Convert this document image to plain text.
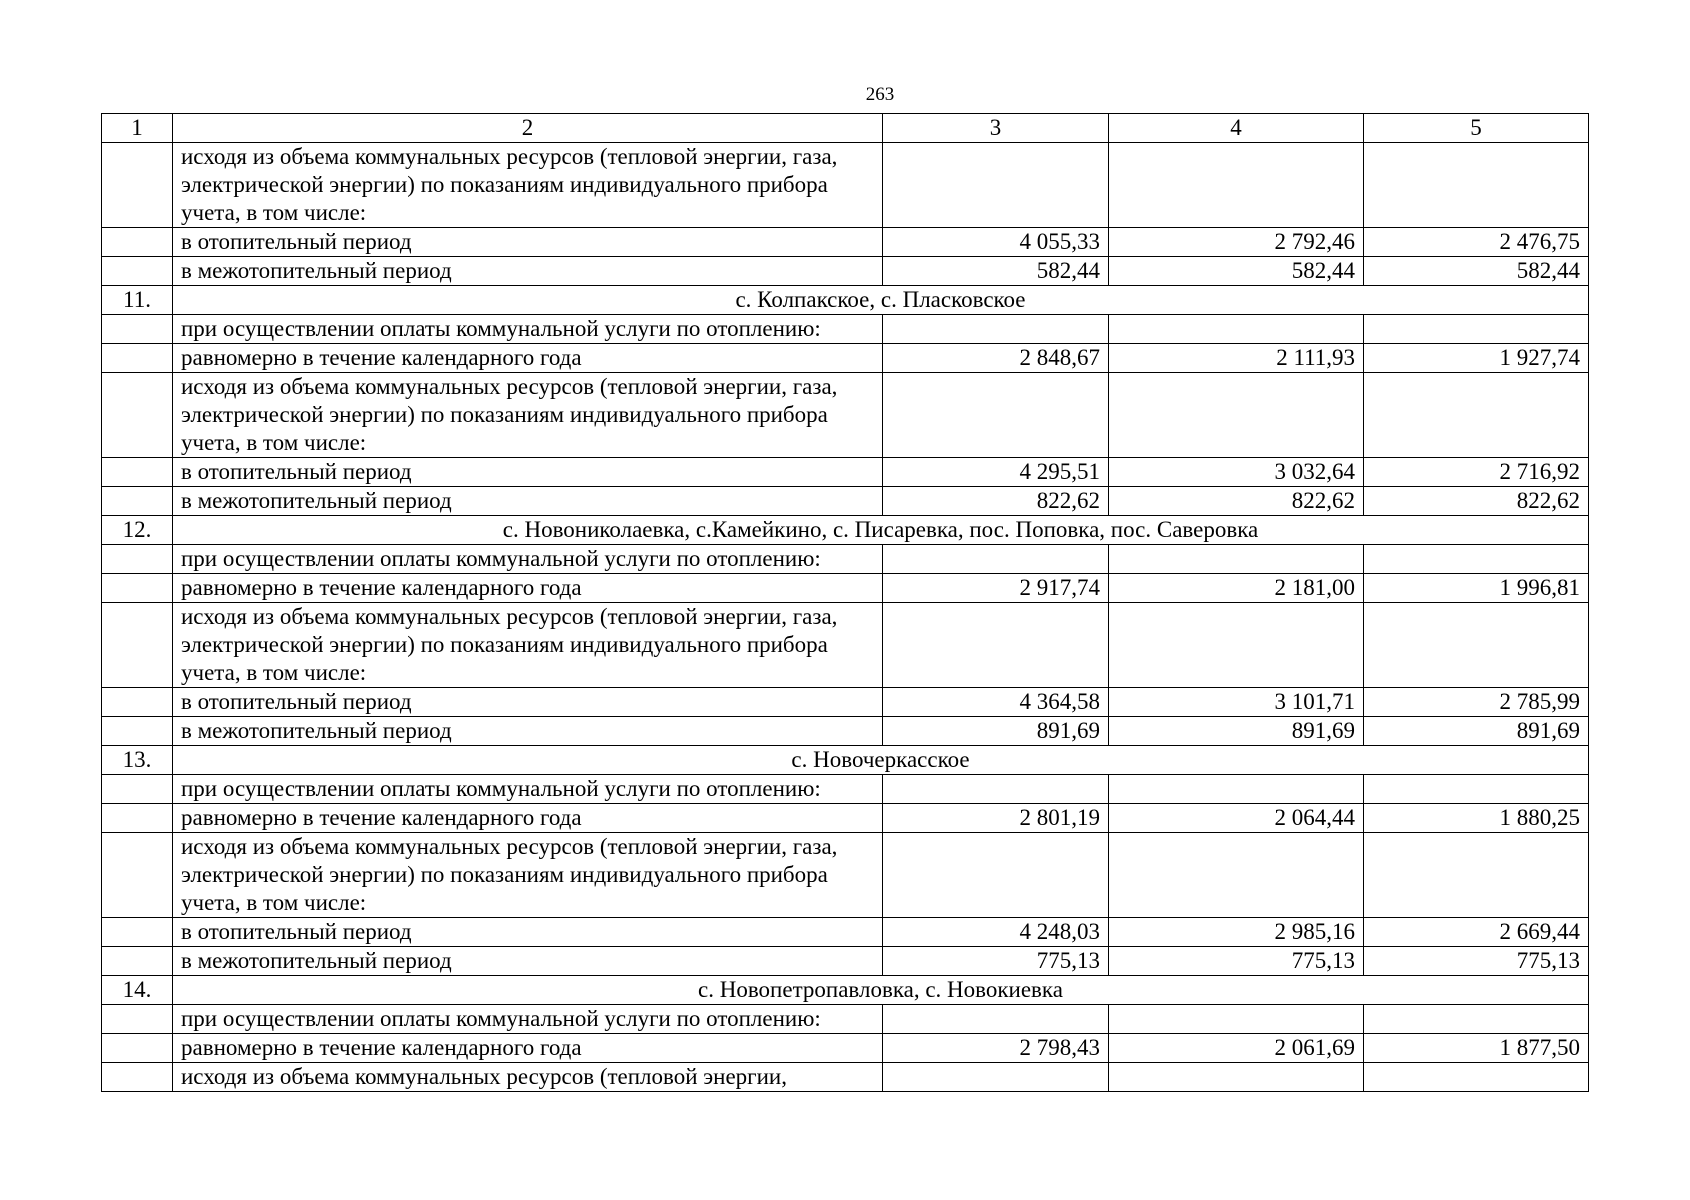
263
1	2	3	4	5
	исходя из объема коммунальных ресурсов (тепловой энергии, газа, электрической энергии) по показаниям индивидуального прибора учета, в том числе:			
	в отопительный период	4 055,33	2 792,46	2 476,75
	в межотопительный период	582,44	582,44	582,44
11.	с. Колпакское, с. Пласковское			
	при осуществлении оплаты коммунальной услуги по отоплению:			
	равномерно в течение календарного года	2 848,67	2 111,93	1 927,74
	исходя из объема коммунальных ресурсов (тепловой энергии, газа, электрической энергии) по показаниям индивидуального прибора учета, в том числе:			
	в отопительный период	4 295,51	3 032,64	2 716,92
	в межотопительный период	822,62	822,62	822,62
12.	с. Новониколаевка, с.Камейкино, с. Писаревка, пос. Поповка, пос. Саверовка			
	при осуществлении оплаты коммунальной услуги по отоплению:			
	равномерно в течение календарного года	2 917,74	2 181,00	1 996,81
	исходя из объема коммунальных ресурсов (тепловой энергии, газа, электрической энергии) по показаниям индивидуального прибора учета, в том числе:			
	в отопительный период	4 364,58	3 101,71	2 785,99
	в межотопительный период	891,69	891,69	891,69
13.	с. Новочеркасское			
	при осуществлении оплаты коммунальной услуги по отоплению:			
	равномерно в течение календарного года	2 801,19	2 064,44	1 880,25
	исходя из объема коммунальных ресурсов (тепловой энергии, газа, электрической энергии) по показаниям индивидуального прибора учета, в том числе:			
	в отопительный период	4 248,03	2 985,16	2 669,44
	в межотопительный период	775,13	775,13	775,13
14.	с. Новопетропавловка, с. Новокиевка			
	при осуществлении оплаты коммунальной услуги по отоплению:			
	равномерно в течение календарного года	2 798,43	2 061,69	1 877,50
	исходя из объема коммунальных ресурсов (тепловой энергии,			
